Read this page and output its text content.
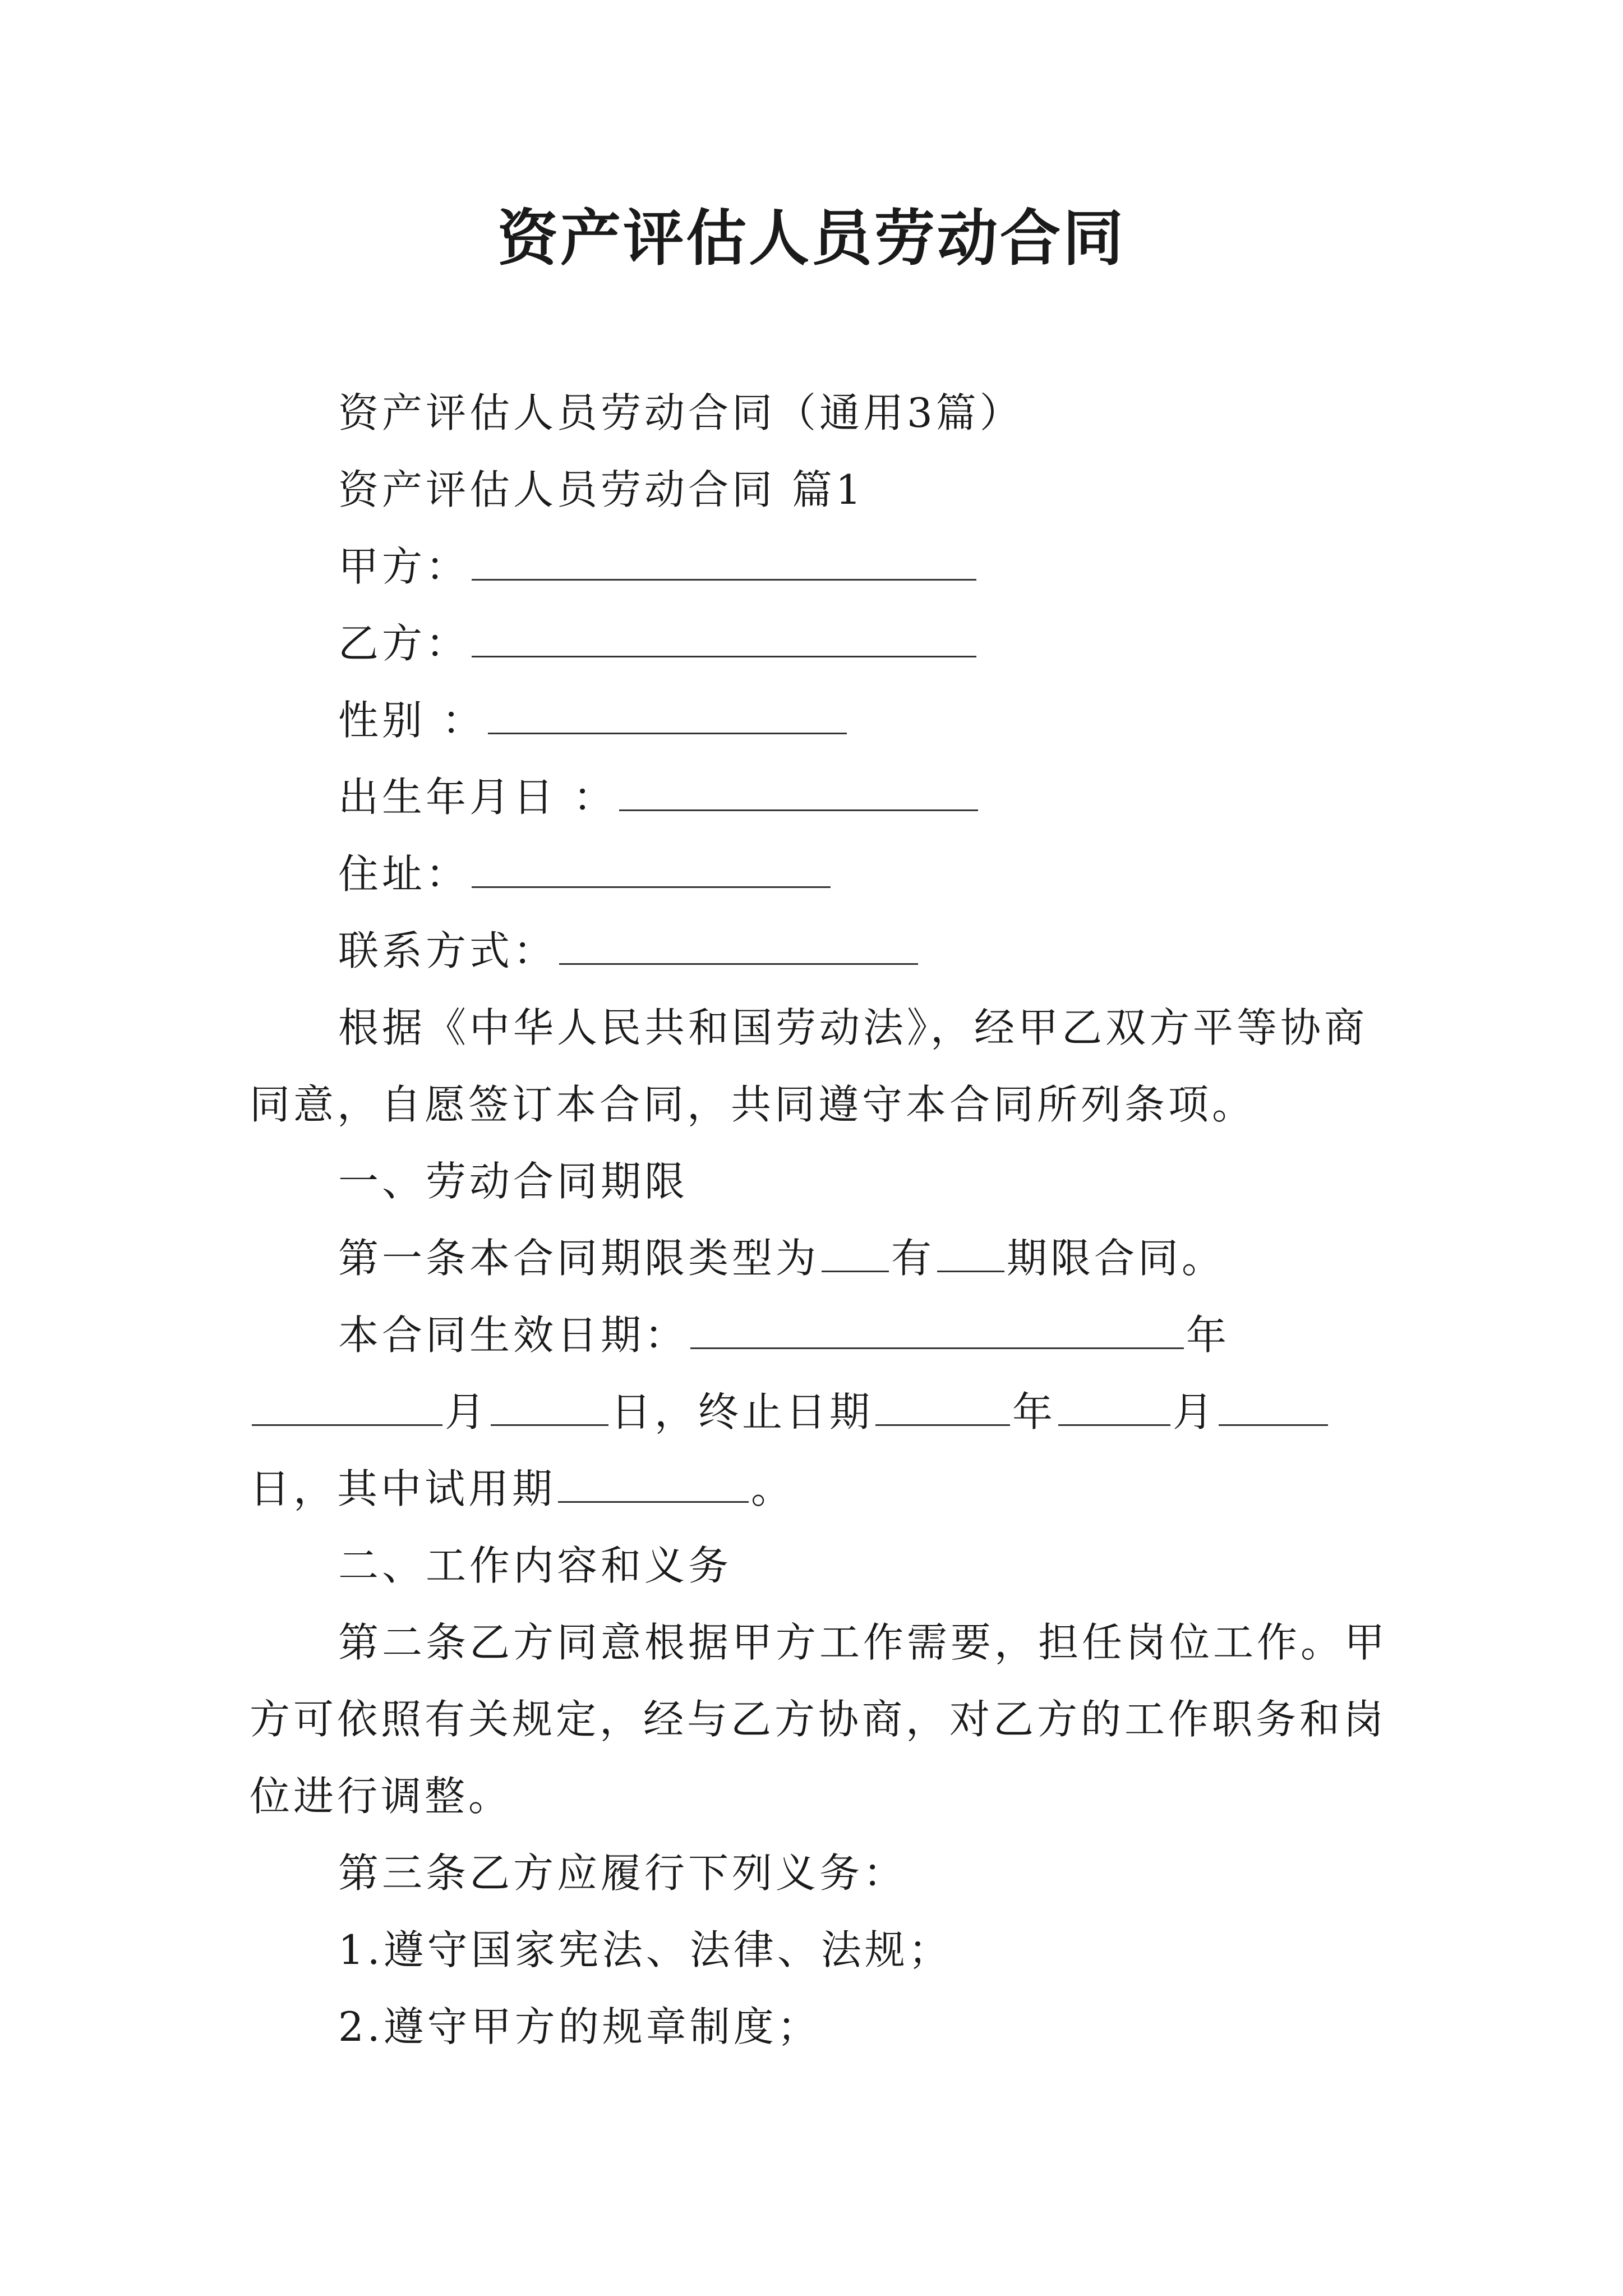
资产评估人员劳动合同

资产评估人员劳动合同（通用3篇）

资产评估人员劳动合同 篇1

甲方：

乙方：

性别 ：

出生年月日 ：

住址：

联系方式：

根据《中华人民共和国劳动法》，经甲乙双方平等协商同意，自愿签订本合同，共同遵守本合同所列条项。

一、劳动合同期限

第一条本合同期限类型为 有 期限合同。

本合同生效日期：	年月	日，终止日期	年	月日，其中试用期	。

二、工作内容和义务

第二条乙方同意根据甲方工作需要，担任岗位工作。甲方可依照有关规定，经与乙方协商，对乙方的工作职务和岗位进行调整。

第三条乙方应履行下列义务：

1.遵守国家宪法、法律、法规；

2.遵守甲方的规章制度；
